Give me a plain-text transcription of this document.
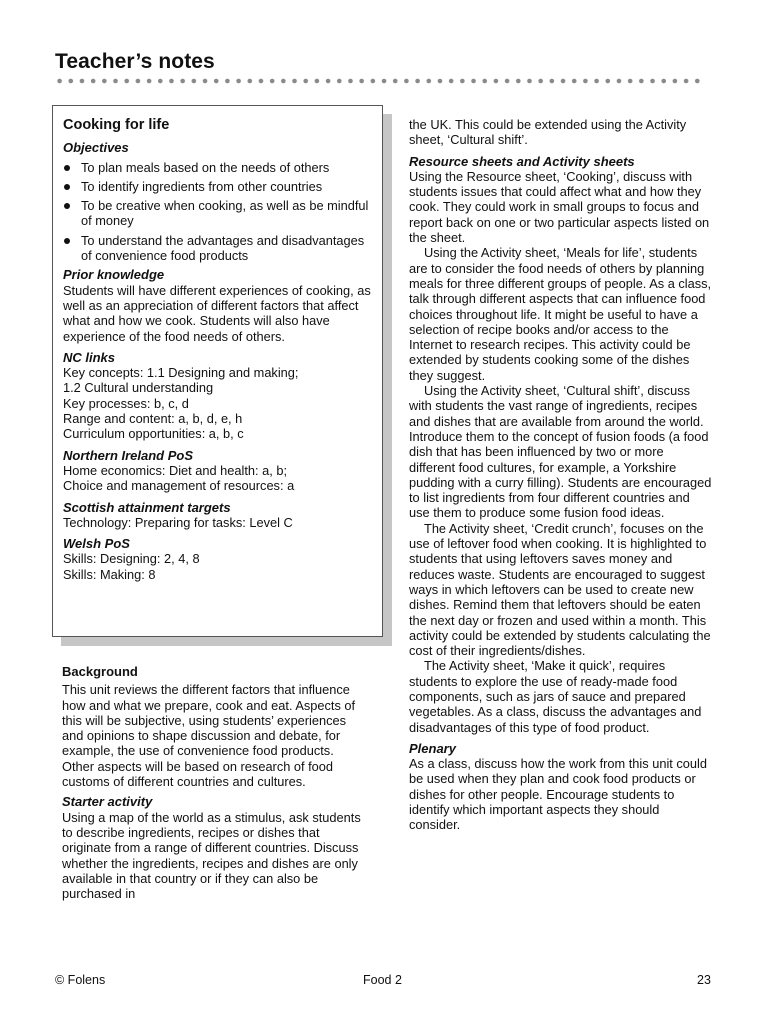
Teacher’s notes

Cooking for life

Objectives

To plan meals based on the needs of others
To identify ingredients from other countries
To be creative when cooking, as well as be mindful of money
To understand the advantages and disadvantages of convenience food products

Prior knowledge

Students will have different experiences of cooking, as well as an appreciation of different factors that affect what and how we cook. Students will also have experience of the food needs of others.

NC links

Key concepts: 1.1 Designing and making;

1.2 Cultural understanding

Key processes: b, c, d

Range and content: a, b, d, e, h

Curriculum opportunities: a, b, c

Northern Ireland PoS

Home economics: Diet and health: a, b;

Choice and management of resources: a

Scottish attainment targets

Technology: Preparing for tasks: Level C

Welsh PoS

Skills: Designing: 2, 4, 8

Skills: Making: 8

Background

This unit reviews the different factors that influence how and what we prepare, cook and eat. Aspects of this will be subjective, using students’ experiences and opinions to shape discussion and debate, for example, the use of convenience food products. Other aspects will be based on research of food customs of different countries and cultures.

Starter activity

Using a map of the world as a stimulus, ask students to describe ingredients, recipes or dishes that originate from a range of different countries. Discuss whether the ingredients, recipes and dishes are only available in that country or if they can also be purchased in

the UK. This could be extended using the Activity sheet, ‘Cultural shift’.

Resource sheets and Activity sheets

Using the Resource sheet, ‘Cooking’, discuss with students issues that could affect what and how they cook. They could work in small groups to focus and report back on one or two particular aspects listed on the sheet.

Using the Activity sheet, ‘Meals for life’, students are to consider the food needs of others by planning meals for three different groups of people. As a class, talk through different aspects that can influence food choices throughout life. It might be useful to have a selection of recipe books and/or access to the Internet to research recipes. This activity could be extended by students cooking some of the dishes they suggest.

Using the Activity sheet, ‘Cultural shift’, discuss with students the vast range of ingredients, recipes and dishes that are available from around the world. Introduce them to the concept of fusion foods (a food dish that has been influenced by two or more different food cultures, for example, a Yorkshire pudding with a curry filling). Students are encouraged to list ingredients from four different countries and use them to produce some fusion food ideas.

The Activity sheet, ‘Credit crunch’, focuses on the use of leftover food when cooking. It is highlighted to students that using leftovers saves money and reduces waste. Students are encouraged to suggest ways in which leftovers can be used to create new dishes. Remind them that leftovers should be eaten the next day or frozen and used within a month. This activity could be extended by students calculating the cost of their ingredients/dishes.

The Activity sheet, ‘Make it quick’, requires students to explore the use of ready-made food components, such as jars of sauce and prepared vegetables. As a class, discuss the advantages and disadvantages of this type of food product.

Plenary

As a class, discuss how the work from this unit could be used when they plan and cook food products or dishes for other people. Encourage students to identify which important aspects they should consider.

© Folens	Food 2	23
